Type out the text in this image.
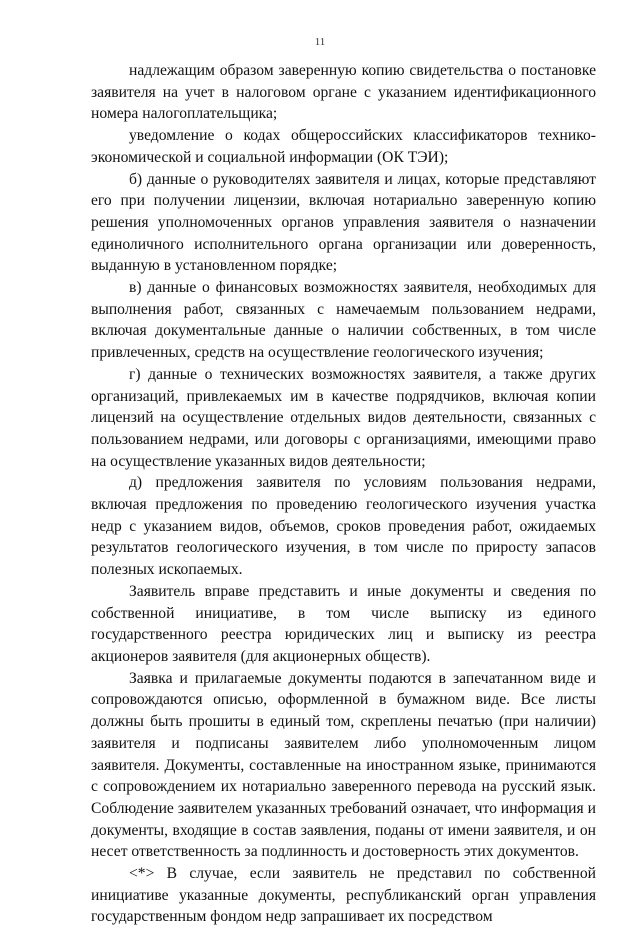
11

надлежащим образом заверенную копию свидетельства о постановке заявителя на учет в налоговом органе с указанием идентификационного номера налогоплательщика;

уведомление о кодах общероссийских классификаторов технико-экономической и социальной информации (ОК ТЭИ);

б) данные о руководителях заявителя и лицах, которые представляют его при получении лицензии, включая нотариально заверенную копию решения уполномоченных органов управления заявителя о назначении единоличного исполнительного органа организации или доверенность, выданную в установленном порядке;

в) данные о финансовых возможностях заявителя, необходимых для выполнения работ, связанных с намечаемым пользованием недрами, включая документальные данные о наличии собственных, в том числе привлеченных, средств на осуществление геологического изучения;

г) данные о технических возможностях заявителя, а также других организаций, привлекаемых им в качестве подрядчиков, включая копии лицензий на осуществление отдельных видов деятельности, связанных с пользованием недрами, или договоры с организациями, имеющими право на осуществление указанных видов деятельности;

д) предложения заявителя по условиям пользования недрами, включая предложения по проведению геологического изучения участка недр с указанием видов, объемов, сроков проведения работ, ожидаемых результатов геологического изучения, в том числе по приросту запасов полезных ископаемых.

Заявитель вправе представить и иные документы и сведения по собственной инициативе, в том числе выписку из единого государственного реестра юридических лиц и выписку из реестра акционеров заявителя (для акционерных обществ).

Заявка и прилагаемые документы подаются в запечатанном виде и сопровождаются описью, оформленной в бумажном виде. Все листы должны быть прошиты в единый том, скреплены печатью (при наличии) заявителя и подписаны заявителем либо уполномоченным лицом заявителя. Документы, составленные на иностранном языке, принимаются с сопровождением их нотариально заверенного перевода на русский язык. Соблюдение заявителем указанных требований означает, что информация и документы, входящие в состав заявления, поданы от имени заявителя, и он несет ответственность за подлинность и достоверность этих документов.

<*> В случае, если заявитель не представил по собственной инициативе указанные документы, республиканский орган управления государственным фондом недр запрашивает их посредством
